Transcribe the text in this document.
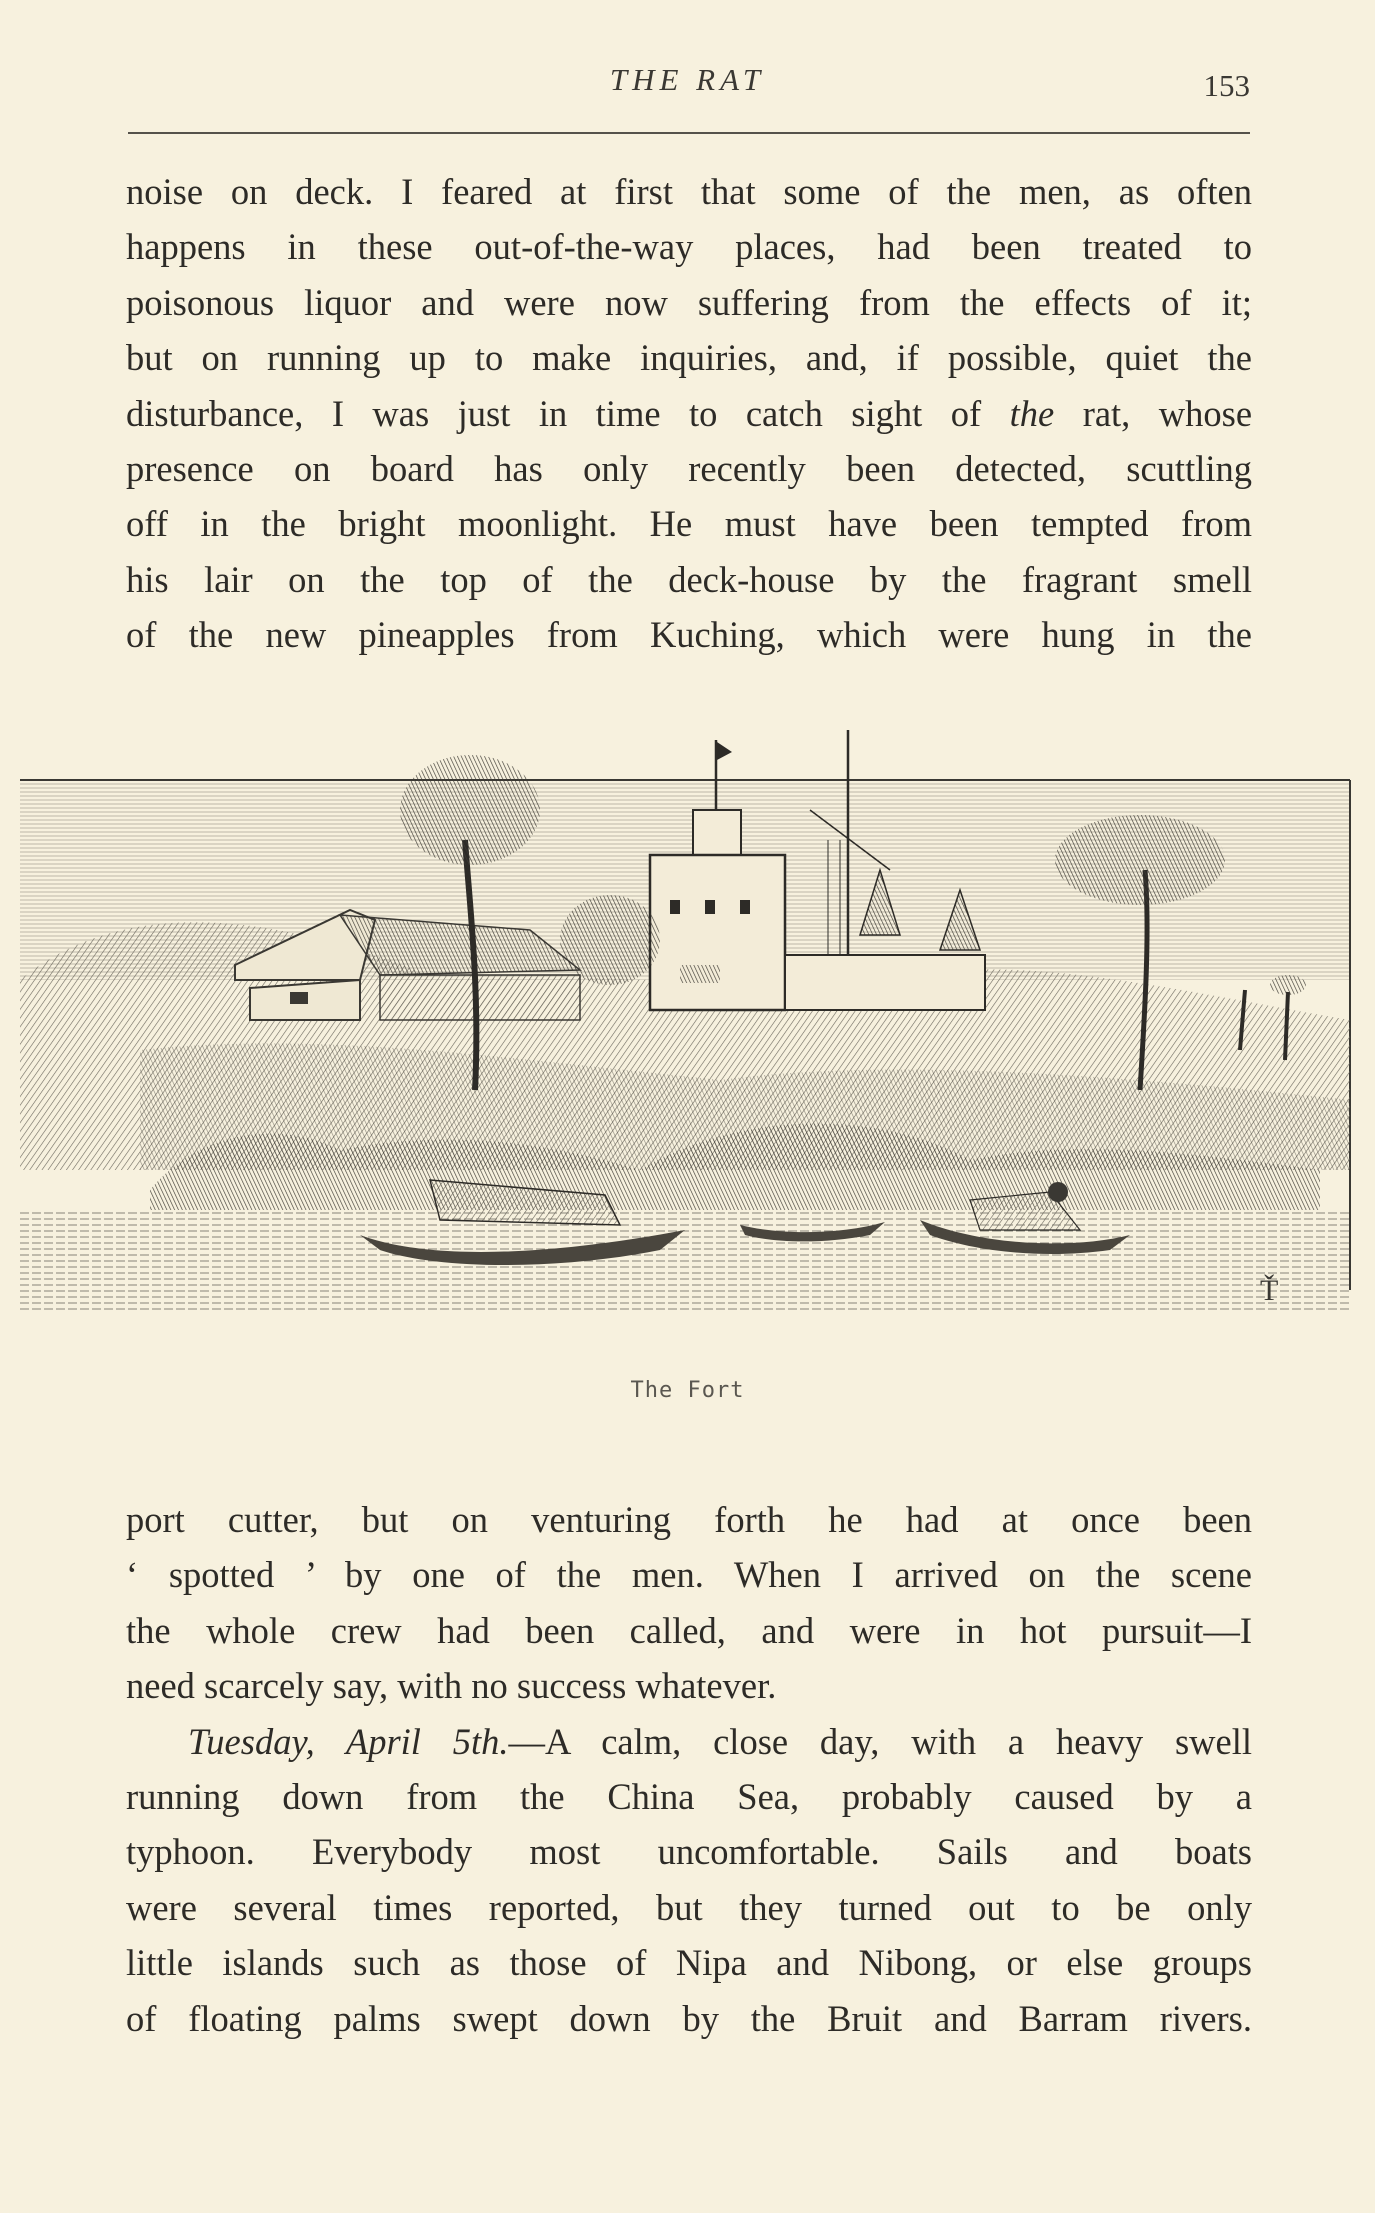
THE RAT	153
noise on deck. I feared at first that some of the men, as often
happens in these out-of-the-way places, had been treated to
poisonous liquor and were now suffering from the effects of it;
but on running up to make inquiries, and, if possible, quiet the
disturbance, I was just in time to catch sight of the rat, whose
presence on board has only recently been detected, scuttling
off in the bright moonlight. He must have been tempted from
his lair on the top of the deck-house by the fragrant smell
of the new pineapples from Kuching, which were hung in the
Ť
The Fort
port cutter, but on venturing forth he had at once been
‘ spotted ’ by one of the men. When I arrived on the scene
the whole crew had been called, and were in hot pursuit—I
need scarcely say, with no success whatever.
Tuesday, April 5th.—A calm, close day, with a heavy swell
running down from the China Sea, probably caused by a
typhoon. Everybody most uncomfortable. Sails and boats
were several times reported, but they turned out to be only
little islands such as those of Nipa and Nibong, or else groups
of floating palms swept down by the Bruit and Barram rivers.
